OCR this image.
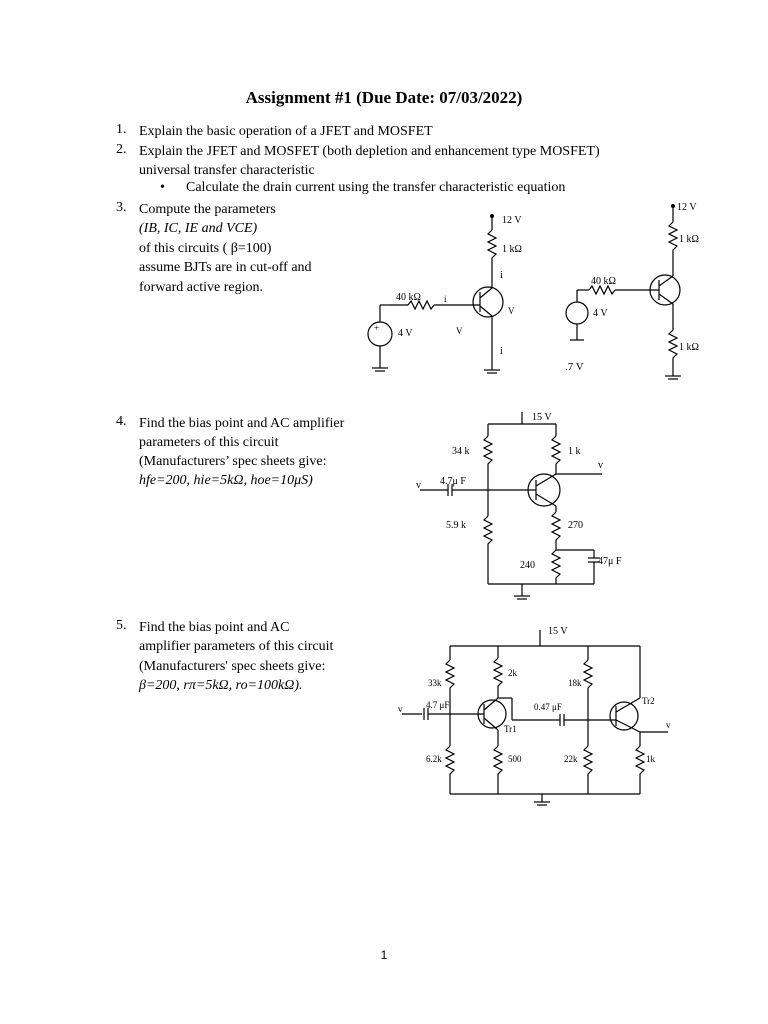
Assignment #1 (Due Date: 07/03/2022)
1. Explain the basic operation of a JFET and MOSFET
2. Explain the JFET and MOSFET (both depletion and enhancement type MOSFET)
universal transfer characteristic
• Calculate the drain current using the transfer characteristic equation
3. Compute the parameters
(IB, IC, IE and VCE)
of this circuits ( β=100)
assume BJTs are in cut-off and
forward active region.
12 V
1 kΩ
i
40 kΩ	i
+ 4 V	V
V
i
12 V
1 kΩ
1 kΩ
40 kΩ
4 V
.7 V
4. Find the bias point and AC amplifier
parameters of this circuit
(Manufacturers’ spec sheets give:
hfe=200, hie=5kΩ, hoe=10μS)
15 V
34 k	1 k
v
v 4.7μ F
5.9 k	270
47μ F
240
5. Find the bias point and AC
amplifier parameters of this circuit
(Manufacturers' spec sheets give:
β=200, rπ=5kΩ, ro=100kΩ).
15 V
33k
2k
18k
Tr2
v	4.7 μF
Tr1
0.47 μF
6.2k	500	22k
v
1k
1
